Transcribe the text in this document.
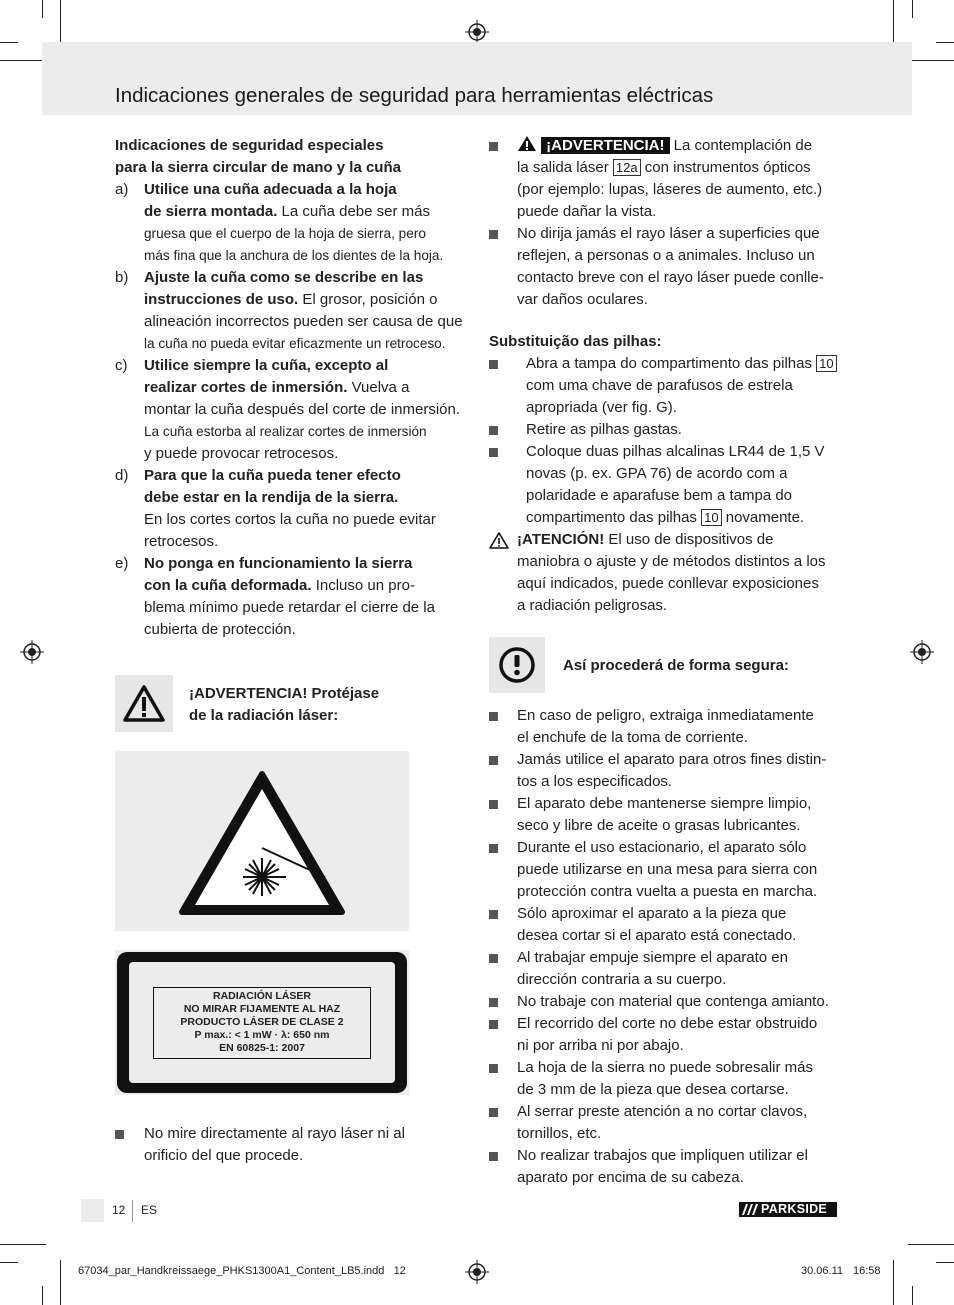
Indicaciones generales de seguridad para herramientas eléctricas
Indicaciones de seguridad especiales
para la sierra circular de mano y la cuña
a) Utilice una cuña adecuada a la hoja
de sierra montada. La cuña debe ser más
gruesa que el cuerpo de la hoja de sierra, pero
más fina que la anchura de los dientes de la hoja.
b) Ajuste la cuña como se describe en las
instrucciones de uso. El grosor, posición o
alineación incorrectos pueden ser causa de que
la cuña no pueda evitar eficazmente un retroceso.
c) Utilice siempre la cuña, excepto al
realizar cortes de inmersión. Vuelva a
montar la cuña después del corte de inmersión.
La cuña estorba al realizar cortes de inmersión
y puede provocar retrocesos.
d) Para que la cuña pueda tener efecto
debe estar en la rendija de la sierra.
En los cortes cortos la cuña no puede evitar
retrocesos.
e) No ponga en funcionamiento la sierra
con la cuña deformada. Incluso un pro-
blema mínimo puede retardar el cierre de la
cubierta de protección.
¡ADVERTENCIA! Protéjase
de la radiación láser:
RADIACIÓN LÁSER
NO MIRAR FIJAMENTE AL HAZ
PRODUCTO LÁSER DE CLASE 2
P max.: < 1 mW · λ: 650 nm
EN 60825-1: 2007
No mire directamente al rayo láser ni al
orificio del que procede.
¡ADVERTENCIA! La contemplación de
la salida láser 12a con instrumentos ópticos
(por ejemplo: lupas, láseres de aumento, etc.)
puede dañar la vista.
No dirija jamás el rayo láser a superficies que
reflejen, a personas o a animales. Incluso un
contacto breve con el rayo láser puede conlle-
var daños oculares.
Substituição das pilhas:
Abra a tampa do compartimento das pilhas 10
com uma chave de parafusos de estrela
apropriada (ver fig. G).
Retire as pilhas gastas.
Coloque duas pilhas alcalinas LR44 de 1,5 V
novas (p. ex. GPA 76) de acordo com a
polaridade e aparafuse bem a tampa do
compartimento das pilhas 10 novamente.
¡ATENCIÓN! El uso de dispositivos de
maniobra o ajuste y de métodos distintos a los
aquí indicados, puede conllevar exposiciones
a radiación peligrosas.
Así procederá de forma segura:
En caso de peligro, extraiga inmediatamente
el enchufe de la toma de corriente.
Jamás utilice el aparato para otros fines distin-
tos a los especificados.
El aparato debe mantenerse siempre limpio,
seco y libre de aceite o grasas lubricantes.
Durante el uso estacionario, el aparato sólo
puede utilizarse en una mesa para sierra con
protección contra vuelta a puesta en marcha.
Sólo aproximar el aparato a la pieza que
desea cortar si el aparato está conectado.
Al trabajar empuje siempre el aparato en
dirección contraria a su cuerpo.
No trabaje con material que contenga amianto.
El recorrido del corte no debe estar obstruido
ni por arriba ni por abajo.
La hoja de la sierra no puede sobresalir más
de 3 mm de la pieza que desea cortarse.
Al serrar preste atención a no cortar clavos,
tornillos, etc.
No realizar trabajos que impliquen utilizar el
aparato por encima de su cabeza.
12 ES	PARKSIDE
67034_par_Handkreissaege_PHKS1300A1_Content_LB5.indd   12	30.06.11 16:58
